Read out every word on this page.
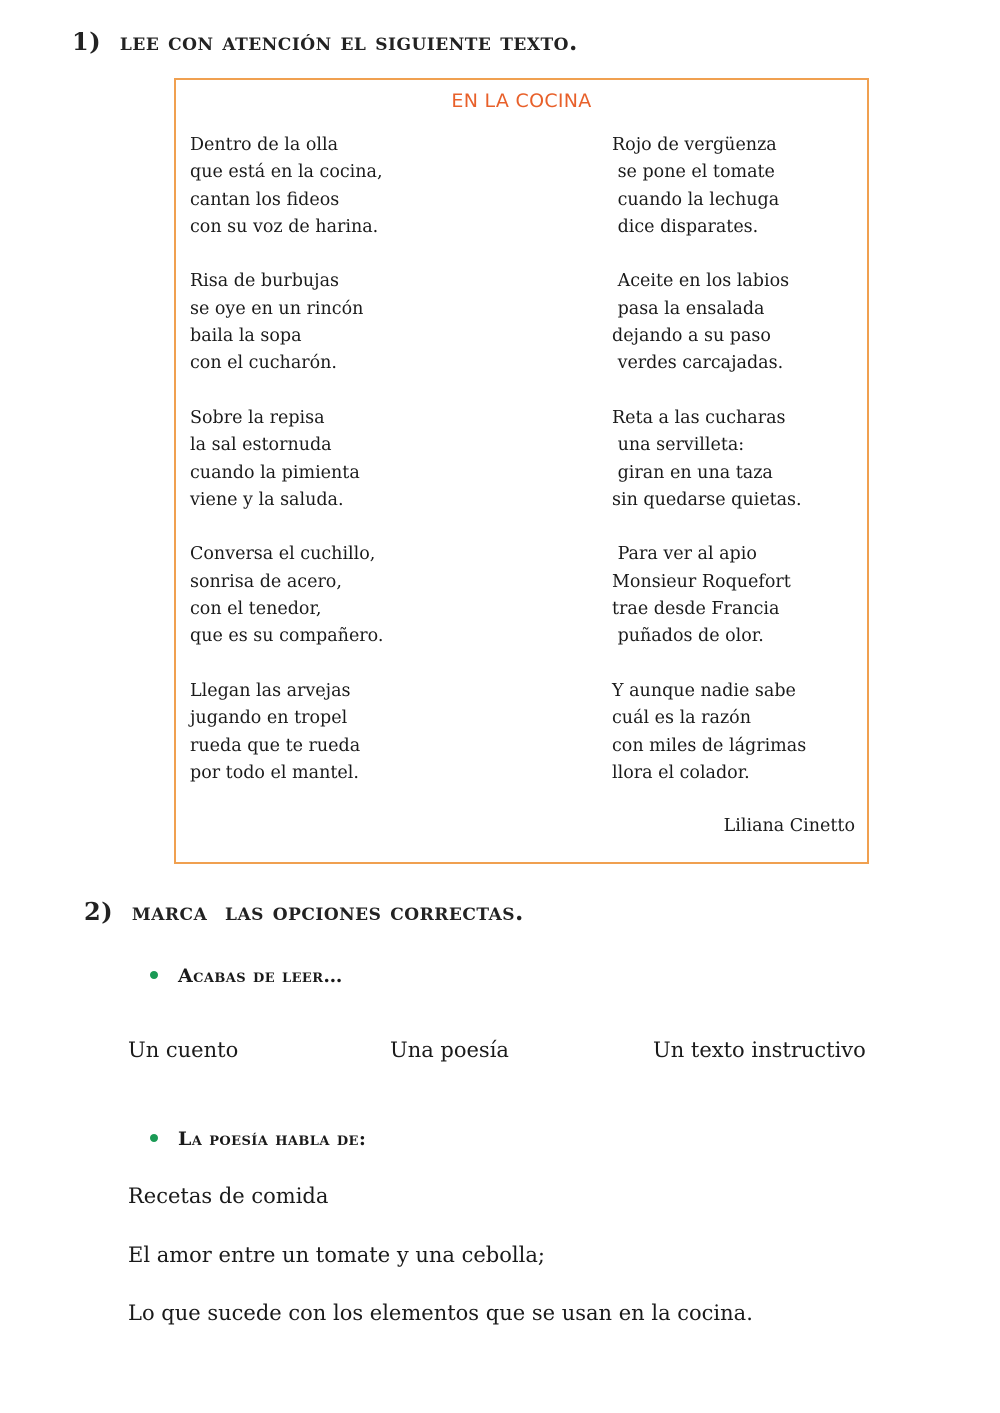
1) lee con atención el siguiente texto.
EN LA COCINA
Dentro de la olla
que está en la cocina,
cantan los fideos
con su voz de harina.
Risa de burbujas
se oye en un rincón
baila la sopa
con el cucharón.
Sobre la repisa
la sal estornuda
cuando la pimienta
viene y la saluda.
Conversa el cuchillo,
sonrisa de acero,
con el tenedor,
que es su compañero.
Llegan las arvejas
jugando en tropel
rueda que te rueda
por todo el mantel.
Rojo de vergüenza
se pone el tomate
cuando la lechuga
dice disparates.
Aceite en los labios
pasa la ensalada
dejando a su paso
verdes carcajadas.
Reta a las cucharas
una servilleta:
giran en una taza
sin quedarse quietas.
Para ver al apio
Monsieur Roquefort
trae desde Francia
puñados de olor.
Y aunque nadie sabe
cuál es la razón
con miles de lágrimas
llora el colador.
Liliana Cinetto
2) marca  las opciones correctas.
Acabas de leer…
Un cuento	Una poesía	Un texto instructivo
La poesía habla de:
Recetas de comida
El amor entre un tomate y una cebolla;
Lo que sucede con los elementos que se usan en la cocina.
